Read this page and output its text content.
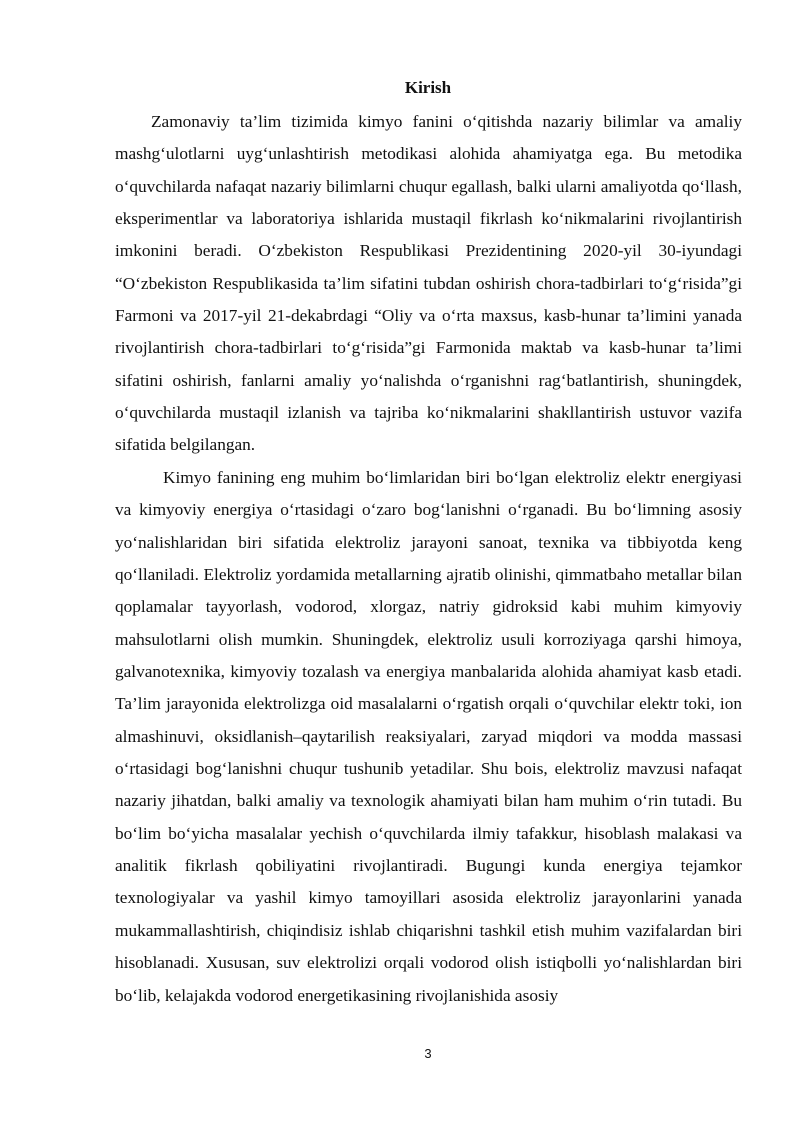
Kirish

Zamonaviy ta’lim tizimida kimyo fanini o‘qitishda nazariy bilimlar va amaliy mashg‘ulotlarni uyg‘unlashtirish metodikasi alohida ahamiyatga ega. Bu metodika o‘quvchilarda nafaqat nazariy bilimlarni chuqur egallash, balki ularni amaliyotda qo‘llash, eksperimentlar va laboratoriya ishlarida mustaqil fikrlash ko‘nikmalarini rivojlantirish imkonini beradi. O‘zbekiston Respublikasi Prezidentining 2020-yil 30-iyundagi “O‘zbekiston Respublikasida ta’lim sifatini tubdan oshirish chora-tadbirlari to‘g‘risida”gi Farmoni va 2017-yil 21-dekabrdagi “Oliy va o‘rta maxsus, kasb-hunar ta’limini yanada rivojlantirish chora-tadbirlari to‘g‘risida”gi Farmonida maktab va kasb-hunar ta’limi sifatini oshirish, fanlarni amaliy yo‘nalishda o‘rganishni rag‘batlantirish, shuningdek, o‘quvchilarda mustaqil izlanish va tajriba ko‘nikmalarini shakllantirish ustuvor vazifa sifatida belgilangan.

Kimyo fanining eng muhim bo‘limlaridan biri bo‘lgan elektroliz elektr energiyasi va kimyoviy energiya o‘rtasidagi o‘zaro bog‘lanishni o‘rganadi. Bu bo‘limning asosiy yo‘nalishlaridan biri sifatida elektroliz jarayoni sanoat, texnika va tibbiyotda keng qo‘llaniladi. Elektroliz yordamida metallarning ajratib olinishi, qimmatbaho metallar bilan qoplamalar tayyorlash, vodorod, xlorgaz, natriy gidroksid kabi muhim kimyoviy mahsulotlarni olish mumkin. Shuningdek, elektroliz usuli korroziyaga qarshi himoya, galvanotexnika, kimyoviy tozalash va energiya manbalarida alohida ahamiyat kasb etadi. Ta’lim jarayonida elektrolizga oid masalalarni o‘rgatish orqali o‘quvchilar elektr toki, ion almashinuvi, oksidlanish–qaytarilish reaksiyalari, zaryad miqdori va modda massasi o‘rtasidagi bog‘lanishni chuqur tushunib yetadilar. Shu bois, elektroliz mavzusi nafaqat nazariy jihatdan, balki amaliy va texnologik ahamiyati bilan ham muhim o‘rin tutadi. Bu bo‘lim bo‘yicha masalalar yechish o‘quvchilarda ilmiy tafakkur, hisoblash malakasi va analitik fikrlash qobiliyatini rivojlantiradi. Bugungi kunda energiya tejamkor texnologiyalar va yashil kimyo tamoyillari asosida elektroliz jarayonlarini yanada mukammallashtirish, chiqindisiz ishlab chiqarishni tashkil etish muhim vazifalardan biri hisoblanadi. Xususan, suv elektrolizi orqali vodorod olish istiqbolli yo‘nalishlardan biri bo‘lib, kelajakda vodorod energetikasining rivojlanishida asosiy

3
